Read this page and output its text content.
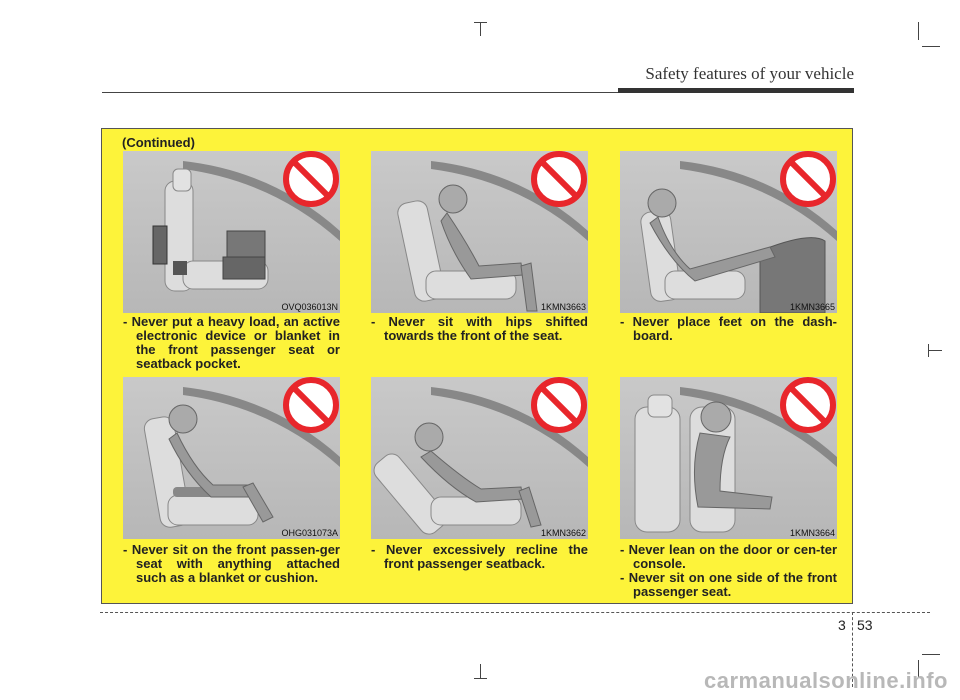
Safety features of your vehicle
(Continued)
OVQ036013N	1KMN3663	1KMN3665

- Never put a heavy load, an active electronic device or blanket in the front passenger seat or seatback pocket.

- Never sit with hips shifted towards the front of the seat.

- Never place feet on the dash-board.

OHG031073A	1KMN3662	1KMN3664

- Never sit on the front passen-ger seat with anything attached such as a blanket or cushion.

- Never excessively recline the front passenger seatback.

- Never lean on the door or cen-ter console.

- Never sit on one side of the front passenger seat.

3 53
carmanualsonline.info
